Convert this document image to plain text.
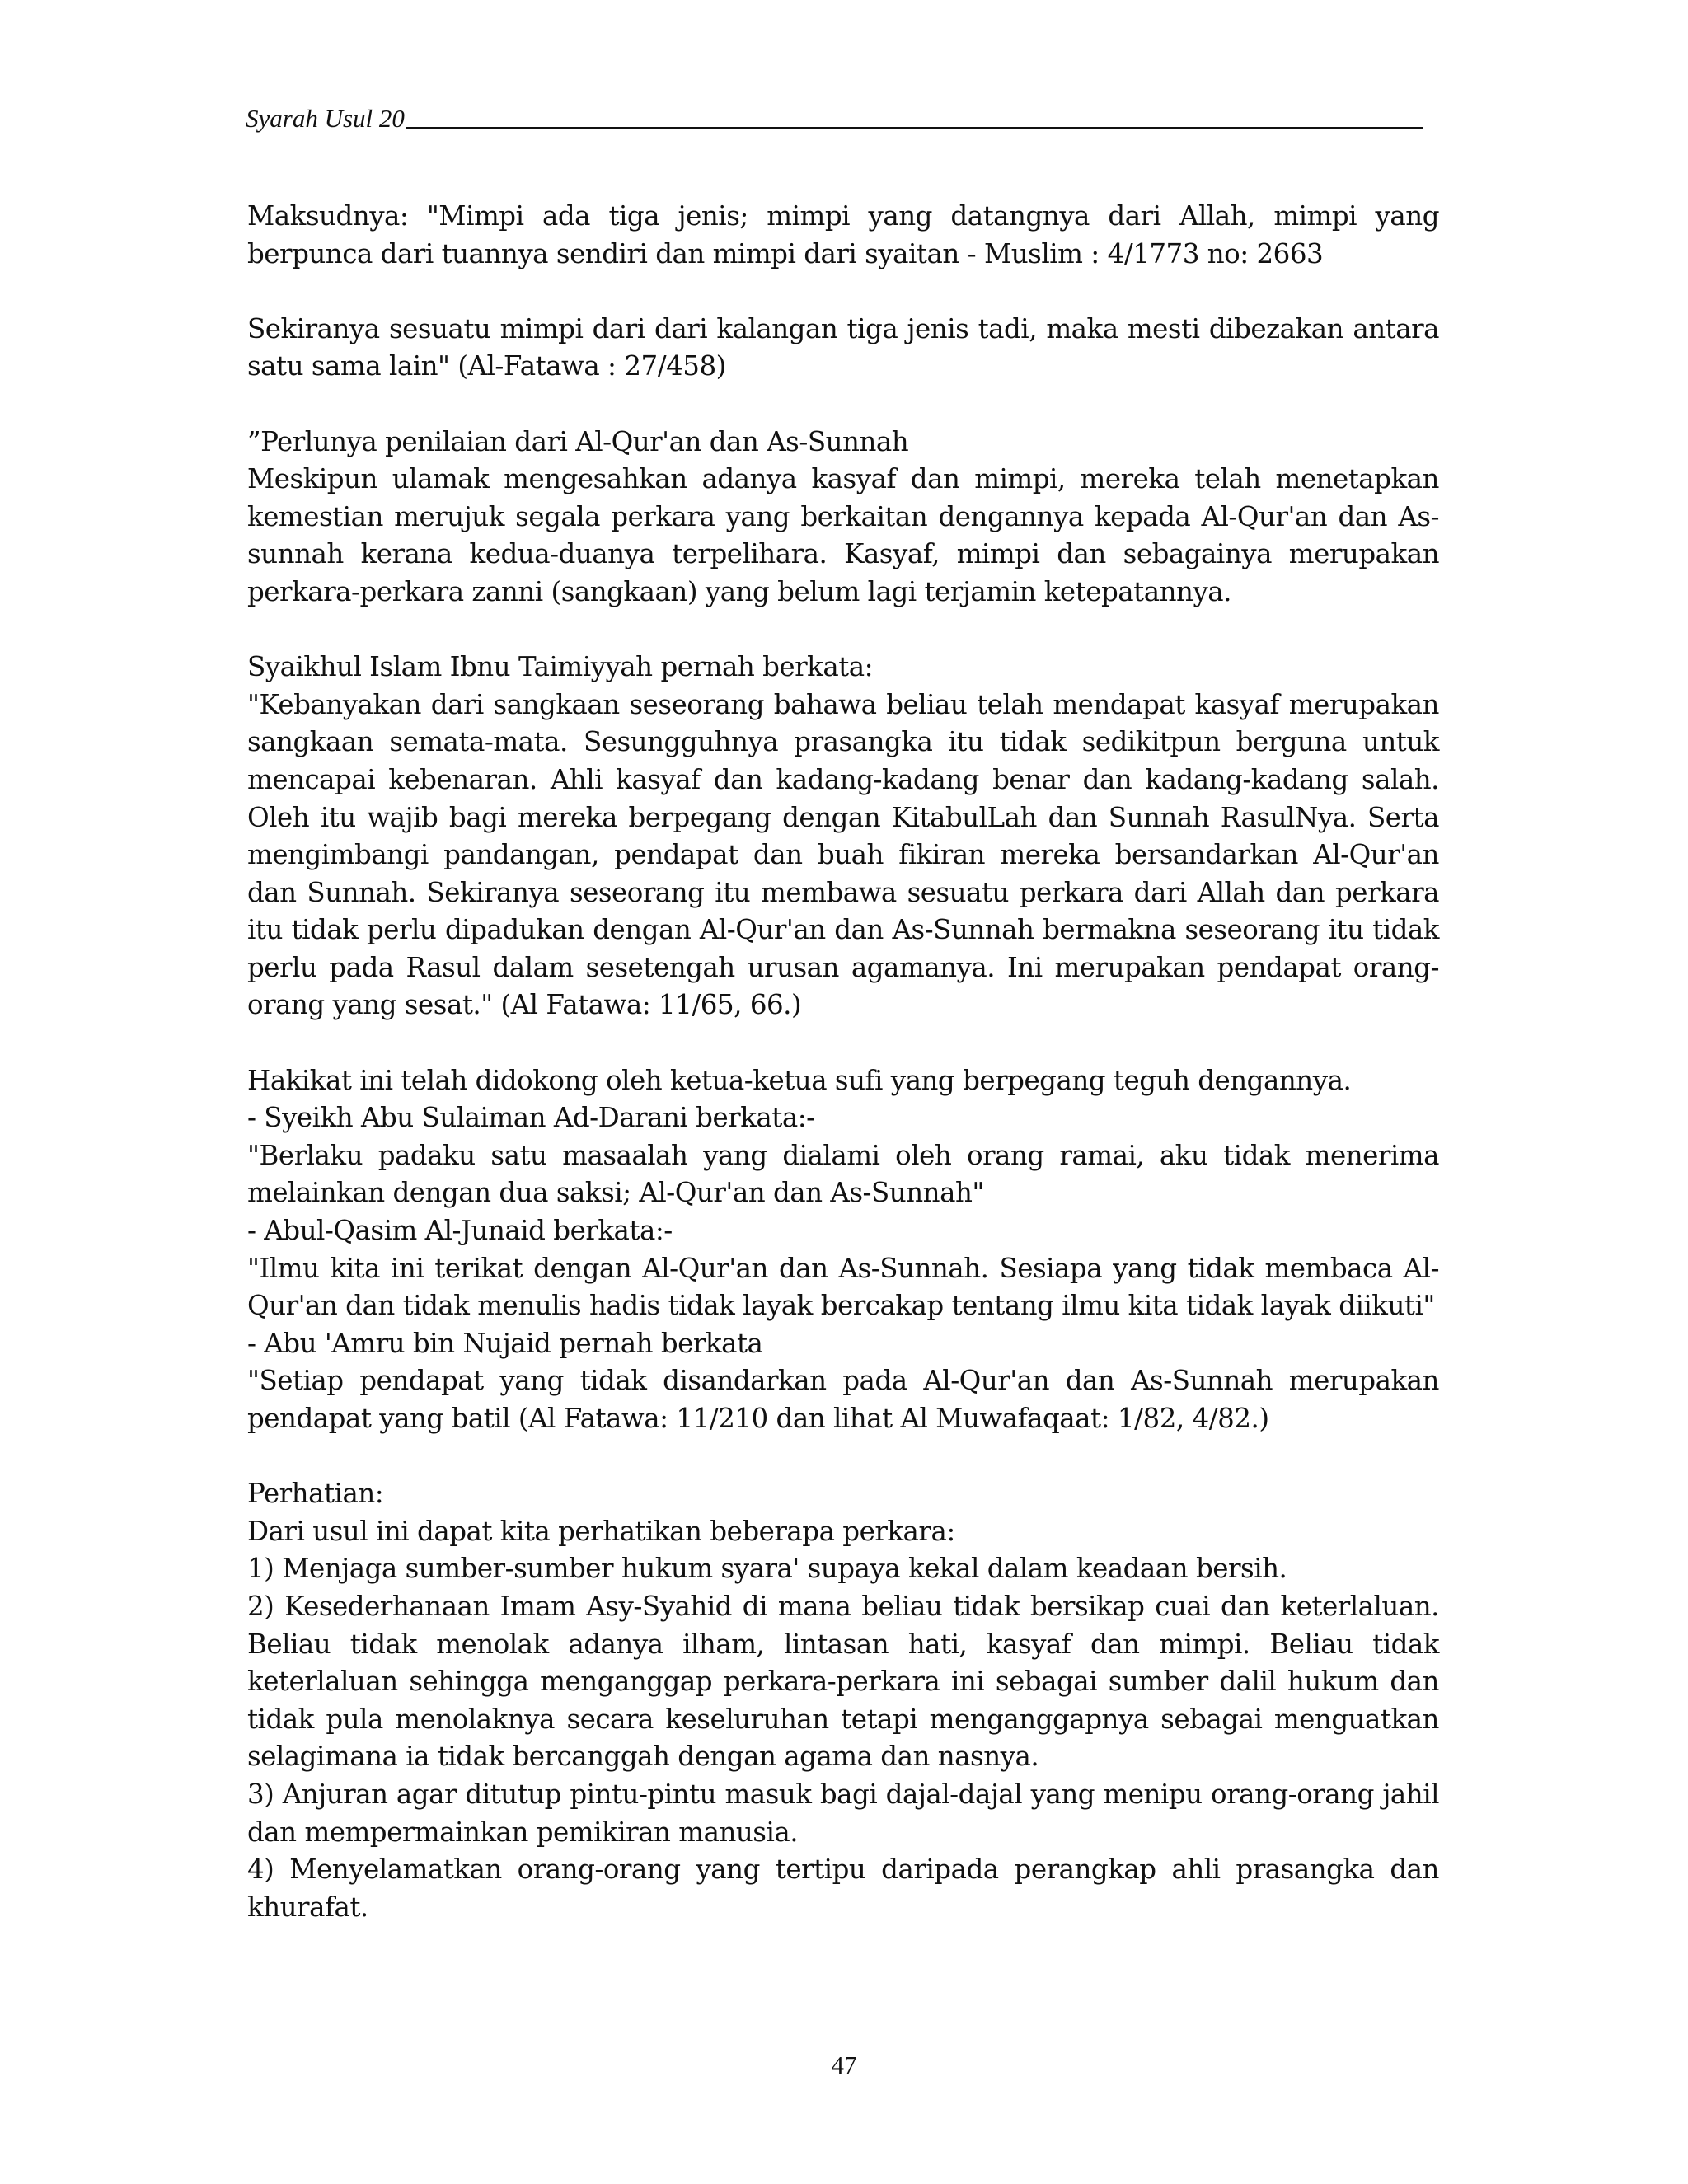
Syarah Usul 20

Maksudnya: "Mimpi ada tiga jenis; mimpi yang datangnya dari Allah, mimpi yang berpunca dari tuannya sendiri dan mimpi dari syaitan - Muslim : 4/1773 no: 2663

Sekiranya sesuatu mimpi dari dari kalangan tiga jenis tadi, maka mesti dibezakan antara satu sama lain" (Al-Fatawa : 27/458)

”Perlunya penilaian dari Al-Qur'an dan As-Sunnah

Meskipun ulamak mengesahkan adanya kasyaf dan mimpi, mereka telah menetapkan kemestian merujuk segala perkara yang berkaitan dengannya kepada Al-Qur'an dan As-sunnah kerana kedua-duanya terpelihara. Kasyaf, mimpi dan sebagainya merupakan perkara-perkara zanni (sangkaan) yang belum lagi terjamin ketepatannya.

Syaikhul Islam Ibnu Taimiyyah pernah berkata:

"Kebanyakan dari sangkaan seseorang bahawa beliau telah mendapat kasyaf merupakan sangkaan semata-mata. Sesungguhnya prasangka itu tidak sedikitpun berguna untuk mencapai kebenaran. Ahli kasyaf dan kadang-kadang benar dan kadang-kadang salah. Oleh itu wajib bagi mereka berpegang dengan KitabulLah dan Sunnah RasulNya. Serta mengimbangi pandangan, pendapat dan buah fikiran mereka bersandarkan Al-Qur'an dan Sunnah. Sekiranya seseorang itu membawa sesuatu perkara dari Allah dan perkara itu tidak perlu dipadukan dengan Al-Qur'an dan As-Sunnah bermakna seseorang itu tidak perlu pada Rasul dalam sesetengah urusan agamanya. Ini merupakan pendapat orang-orang yang sesat." (Al Fatawa: 11/65, 66.)

Hakikat ini telah didokong oleh ketua-ketua sufi yang berpegang teguh dengannya.

- Syeikh Abu Sulaiman Ad-Darani berkata:-

"Berlaku padaku satu masaalah yang dialami oleh orang ramai, aku tidak menerima melainkan dengan dua saksi; Al-Qur'an dan As-Sunnah"

- Abul-Qasim Al-Junaid berkata:-

"Ilmu kita ini terikat dengan Al-Qur'an dan As-Sunnah. Sesiapa yang tidak membaca Al-Qur'an dan tidak menulis hadis tidak layak bercakap tentang ilmu kita tidak layak diikuti"

- Abu 'Amru bin Nujaid pernah berkata

"Setiap pendapat yang tidak disandarkan pada Al-Qur'an dan As-Sunnah merupakan pendapat yang batil (Al Fatawa: 11/210 dan lihat Al Muwafaqaat: 1/82, 4/82.)

Perhatian:

Dari usul ini dapat kita perhatikan beberapa perkara:

1) Menjaga sumber-sumber hukum syara' supaya kekal dalam keadaan bersih.

2) Kesederhanaan Imam Asy-Syahid di mana beliau tidak bersikap cuai dan keterlaluan. Beliau tidak menolak adanya ilham, lintasan hati, kasyaf dan mimpi. Beliau tidak keterlaluan sehingga menganggap perkara-perkara ini sebagai sumber dalil hukum dan tidak pula menolaknya secara keseluruhan tetapi menganggapnya sebagai menguatkan selagimana ia tidak bercanggah dengan agama dan nasnya.

3) Anjuran agar ditutup pintu-pintu masuk bagi dajal-dajal yang menipu orang-orang jahil dan mempermainkan pemikiran manusia.

4) Menyelamatkan orang-orang yang tertipu daripada perangkap ahli prasangka dan khurafat.

47
